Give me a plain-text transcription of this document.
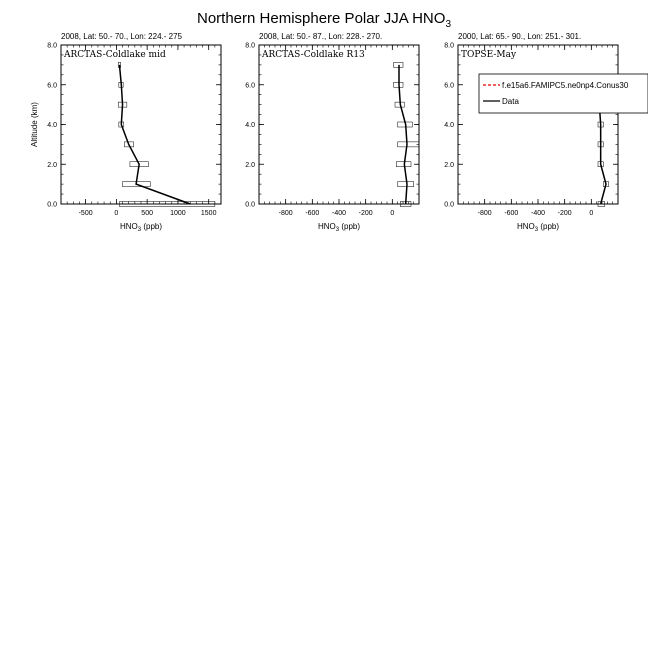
Northern Hemisphere Polar JJA $HNO_3$
2008, Lat: 50.- 70., Lon: 224.- 275
ARCTAS-Coldlake mid
-500	0	500 1000 1500
0.0
2.0
4.0
6.0
8.0
$HNO_3$ (ppb)
Altitude (km)
2008, Lat: 50.- 87., Lon: 228.- 270.
ARCTAS-Coldlake R13
-800 -600 -400 -200	0
0.0
2.0
4.0
6.0
8.0
$HNO_3$ (ppb)
2000, Lat: 65.- 90., Lon: 251.- 301.
TOPSE-May
-800 -600 -400 -200	0
0.0
2.0
4.0
6.0
8.0
$HNO_3$ (ppb)
f.e15a6.FAMIPC5.ne0np4.Conus30
Data
